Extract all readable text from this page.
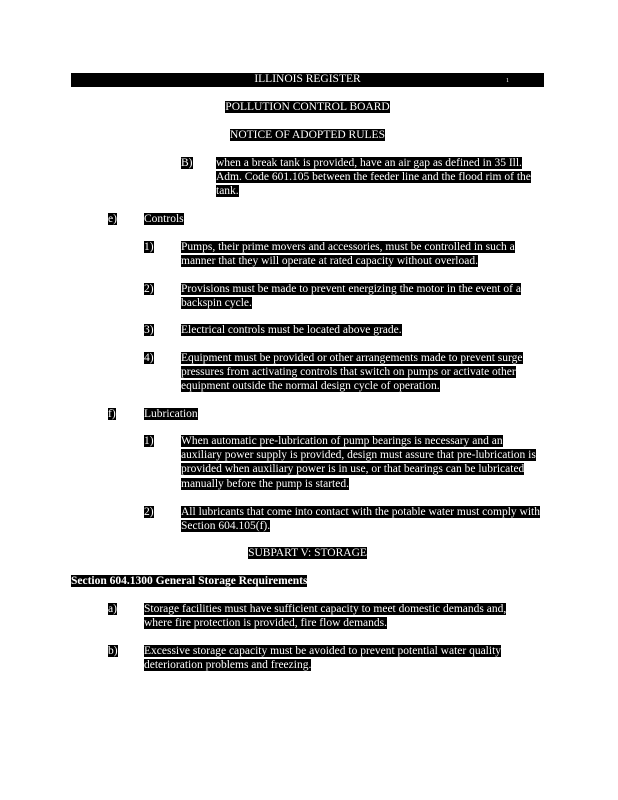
ILLINOIS REGISTER	1
POLLUTION CONTROL BOARD
NOTICE OF ADOPTED RULES
B) when a break tank is provided, have an air gap as defined in 35 Ill. Adm. Code 601.105 between the feeder line and the flood rim of the tank.
e) Controls
1) Pumps, their prime movers and accessories, must be controlled in such a manner that they will operate at rated capacity without overload.
2) Provisions must be made to prevent energizing the motor in the event of a backspin cycle.
3) Electrical controls must be located above grade.
4) Equipment must be provided or other arrangements made to prevent surge pressures from activating controls that switch on pumps or activate other equipment outside the normal design cycle of operation.
f) Lubrication
1) When automatic pre-lubrication of pump bearings is necessary and an auxiliary power supply is provided, design must assure that pre-lubrication is provided when auxiliary power is in use, or that bearings can be lubricated manually before the pump is started.
2) All lubricants that come into contact with the potable water must comply with Section 604.105(f).
SUBPART V: STORAGE
Section 604.1300 General Storage Requirements
a) Storage facilities must have sufficient capacity to meet domestic demands and, where fire protection is provided, fire flow demands.
b) Excessive storage capacity must be avoided to prevent potential water quality deterioration problems and freezing.
